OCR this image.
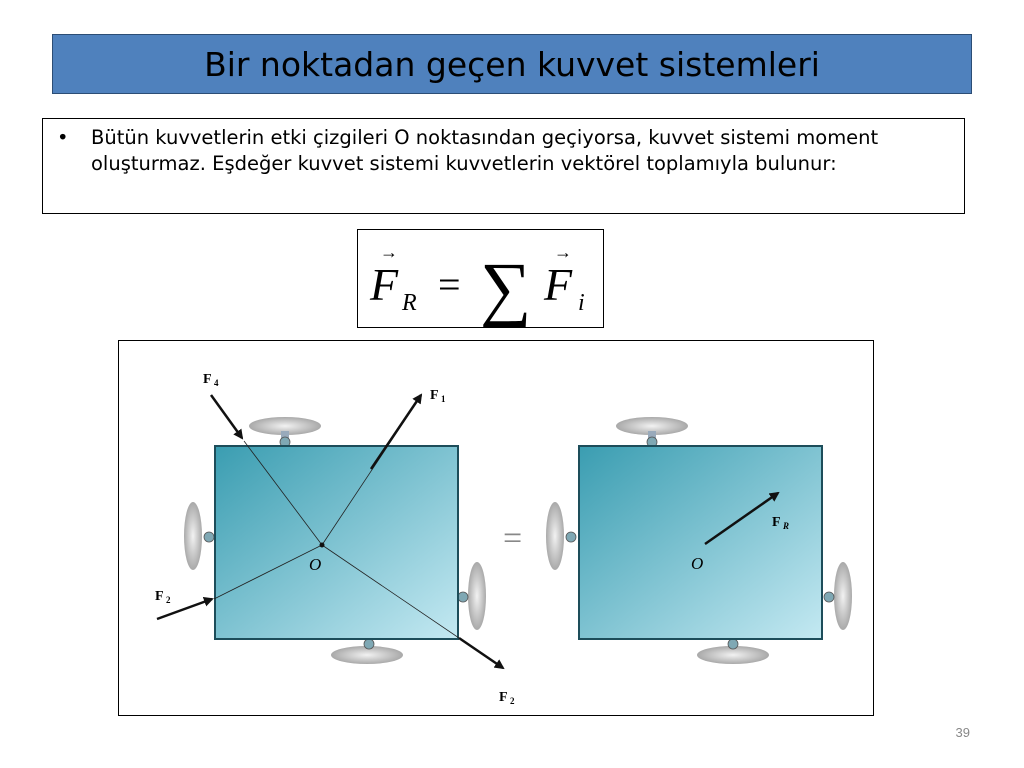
Bir noktadan geçen kuvvet sistemleri
• Bütün kuvvetlerin etki çizgileri O noktasından geçiyorsa, kuvvet sistemi moment oluşturmaz. Eşdeğer kuvvet sistemi kuvvetlerin vektörel toplamıyla bulunur:
→
F R = ∑ →
F i
F 4
F 1
F 2
F 2
O
=	F R
O
39
